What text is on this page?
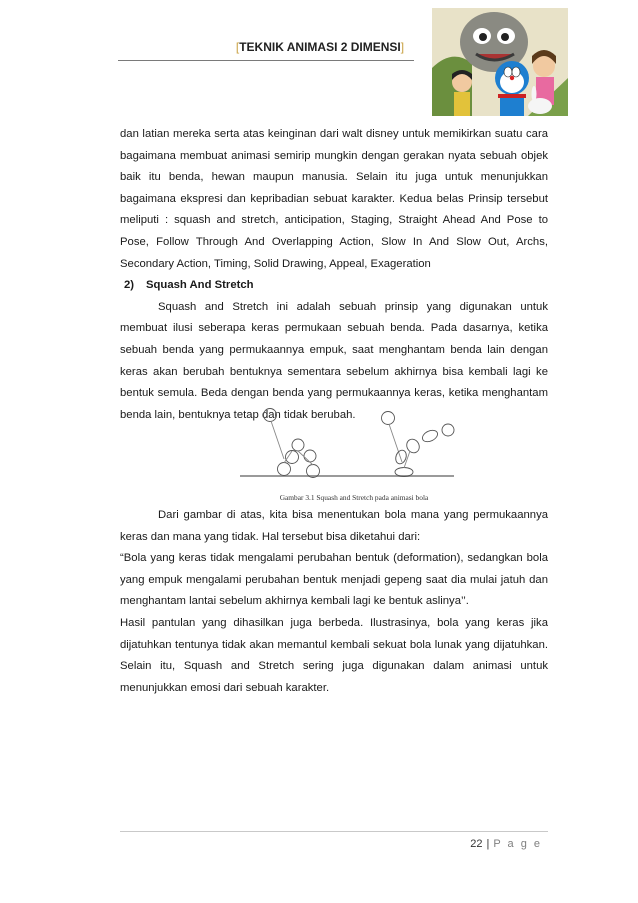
[TEKNIK ANIMASI 2 DIMENSI]

dan latian mereka serta atas keinginan dari walt disney untuk memikirkan suatu cara bagaimana membuat animasi semirip mungkin dengan gerakan nyata sebuah objek baik itu benda, hewan maupun manusia. Selain itu juga untuk menunjukkan bagaimana ekspresi dan kepribadian sebuat karakter. Kedua belas Prinsip tersebut meliputi : squash and stretch, anticipation, Staging, Straight Ahead And Pose to Pose, Follow Through And Overlapping Action, Slow In And Slow Out, Archs, Secondary Action, Timing, Solid Drawing, Appeal, Exageration

2) Squash And Stretch

Squash and Stretch ini adalah sebuah prinsip yang digunakan untuk membuat ilusi seberapa keras permukaan sebuah benda. Pada dasarnya, ketika sebuah benda yang permukaannya empuk, saat menghantam benda lain dengan keras akan berubah bentuknya sementara sebelum akhirnya bisa kembali lagi ke bentuk semula. Beda dengan benda yang permukaannya keras, ketika menghantam benda lain, bentuknya tetap dan tidak berubah.

Gambar 3.1 Squash and Stretch pada animasi bola

Dari gambar di atas, kita bisa menentukan bola mana yang permukaannya keras dan mana yang tidak. Hal tersebut bisa diketahui dari:

“Bola yang keras tidak mengalami perubahan bentuk (deformation), sedangkan bola yang empuk mengalami perubahan bentuk menjadi gepeng saat dia mulai jatuh dan menghantam lantai sebelum akhirnya kembali lagi ke bentuk aslinya’’.

Hasil pantulan yang dihasilkan juga berbeda. Ilustrasinya, bola yang keras jika dijatuhkan tentunya tidak akan memantul kembali sekuat bola lunak yang dijatuhkan. Selain itu, Squash and Stretch sering juga digunakan dalam animasi untuk menunjukkan emosi dari sebuah karakter.

22 | P a g e
